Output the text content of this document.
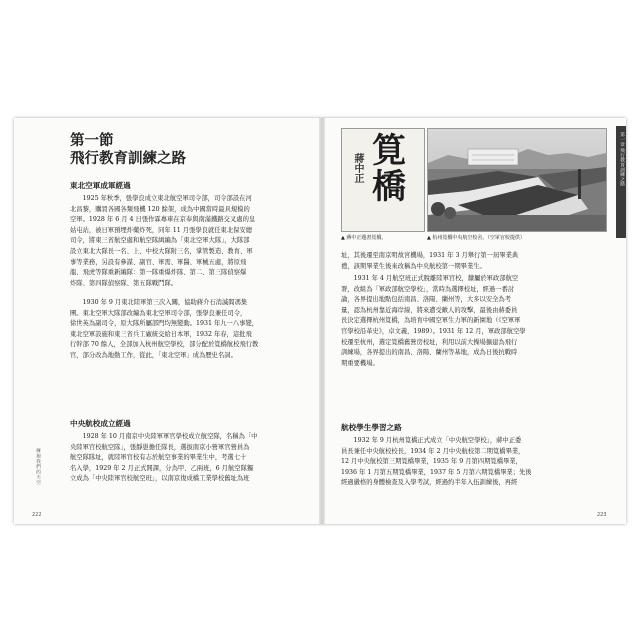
第一節
飛行教育訓練之路
東北空軍成軍經過
　　1925 年秋季，張學良成立東北航空軍司令部，司令部設在河
北昌黎，購買各國各類飛機 120 餘架，成為中國當時最具規模的
空軍。1928 年 6 月 4 日張作霖專車在京奉與南滿鐵路交叉處的皇
姑屯站，被日軍預埋炸藥炸死，同年 11 月張學良就任東北保安總
司令，將東三省航空處和航空隊緝編為「東北空軍大隊」，大隊部
設立東北大隊長一名、上、中校大隊附三名，掌管製造、教育、軍
事等業務，另設有參謀、副官、軍需、軍醫、軍械五處，將原飛
龍、飛虎等隊重新編隊：第一隊重爆炸隊、第二、第三隊偵察爆
炸隊、第四隊偵察隊、第五隊戰鬥隊。
　　1930 年 9 月東北陸軍第三次入關，協助蔣介石消滅閻馮集
團。東北空軍大隊部改編為東北空軍司令部，張學良兼任司令，
徐世英為副司令，原大隊所屬部門均無變動。1931 年九一八事變，
東北空軍設施和東三省兵工廠統交給日本軍，1932 年春，這批飛
行幹部 70 餘人，全部加入杭州航空學校，部分配於筧橋航校飛行教
官，部分改為地勤工作，從此，「東北空軍」成為歷史名詞。
中央航校成立經過
　　1928 年 10 月南京中央陸軍軍官學校成立航空隊，名稱為「中
央陸軍官校航空隊」，張靜愚擔任隊長，選拔南京小營軍官營員為
航空隊隊址，就陸軍官校有志於航空事業的畢業生中，考選七十
名入學，1929 年 2 月正式開課，分為甲、乙兩班，6 月航空隊獨
立成為「中央陸軍官校航空班」，以南京復成橋工業學校舊址為班
擁抱我們的天空
222
第一章 飛行教育訓練之路
蔣中正 筧橋
▲ 蔣中正題書筧橋。	▲ 杭州筧橋中央航空校舍。（空軍官校提供）
址，其後遷至南京明故宮機場，1931 年 3 月舉行第一屆畢業典
禮，該期畢業生後來改稱為中央航校第一期畢業生。
　　1931 年 4 月航空班正式脫離陸軍官校，隸屬於軍政部航空
署，改組為「軍政部航空學校」，當時為選擇校址，經過一番討
論，各界提出地點包括南昌、洛陽、蘭州等，大多以安全為考
量，認為杭州靠近海岸線，將來遭受敵人的攻擊，最後由蔣委員
長決定選擇杭州筧橋，為培育中國空軍生力軍的新園地（《空軍軍
官學校沿革史》，卓文義，1989）。1931 年 12 月，軍政部航空學
校遷至杭州，選定筧橋舊營房校址，利用以前大操場擴建為飛行
訓練場，各界提出的南昌、洛陽、蘭州等基地，成為日後抗戰時
期重要機場。
航校學生學習之路
　　1932 年 9 月杭州筧橋正式成立「中央航空學校」，蔣中正委
員長兼任中央航校校長，1934 年 2 月中央航校第二期筧橋畢業，
12 月中央航校第三期筧橋畢業，1935 年 9 月第四期筧橋畢業，
1936 年 1 月第五期筧橋畢業，1937 年 5 月第六期筧橋畢業；先後
經過嚴格的身體檢查及入學考試，經過約半年入伍訓練後，再經
223
